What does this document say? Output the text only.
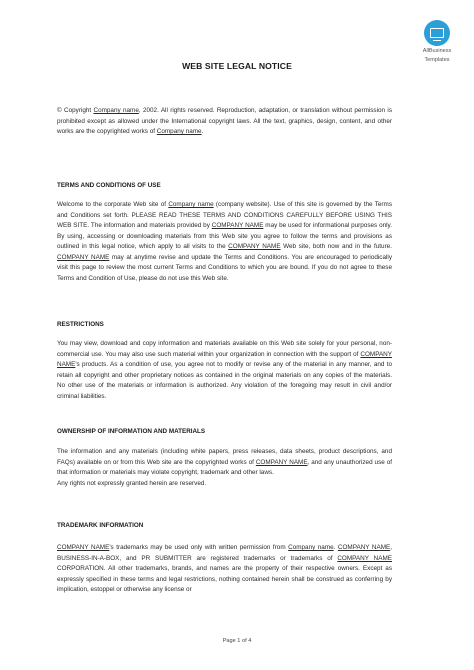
AllBusiness
Templates
WEB SITE LEGAL NOTICE

© Copyright Company name, 2002. All rights reserved. Reproduction, adaptation, or translation without permission is prohibited except as allowed under the International copyright laws. All the text, graphics, design, content, and other works are the copyrighted works of Company name.

TERMS AND CONDITIONS OF USE

Welcome to the corporate Web site of Company name (company website). Use of this site is governed by the Terms and Conditions set forth. PLEASE READ THESE TERMS AND CONDITIONS CAREFULLY BEFORE USING THIS WEB SITE. The information and materials provided by COMPANY NAME may be used for informational purposes only. By using, accessing or downloading materials from this Web site you agree to follow the terms and provisions as outlined in this legal notice, which apply to all visits to the COMPANY NAME Web site, both now and in the future. COMPANY NAME may at anytime revise and update the Terms and Conditions. You are encouraged to periodically visit this page to review the most current Terms and Conditions to which you are bound. If you do not agree to these Terms and Condition of Use, please do not use this Web site.

RESTRICTIONS

You may view, download and copy information and materials available on this Web site solely for your personal, non-commercial use. You may also use such material within your organization in connection with the support of COMPANY NAME's products. As a condition of use, you agree not to modify or revise any of the material in any manner, and to retain all copyright and other proprietary notices as contained in the original materials on any copies of the materials. No other use of the materials or information is authorized. Any violation of the foregoing may result in civil and/or criminal liabilities.

OWNERSHIP OF INFORMATION AND MATERIALS

The information and any materials (including white papers, press releases, data sheets, product descriptions, and FAQs) available on or from this Web site are the copyrighted works of COMPANY NAME, and any unauthorized use of that information or materials may violate copyright, trademark and other laws.

Any rights not expressly granted herein are reserved.

TRADEMARK INFORMATION

COMPANY NAME's trademarks may be used only with written permission from Company name. COMPANY NAME, BUSINESS-IN-A-BOX, and PR SUBMITTER are registered trademarks or trademarks of COMPANY NAME CORPORATION. All other trademarks, brands, and names are the property of their respective owners. Except as expressly specified in these terms and legal restrictions, nothing contained herein shall be construed as conferring by implication, estoppel or otherwise any license or

Page 1 of 4
